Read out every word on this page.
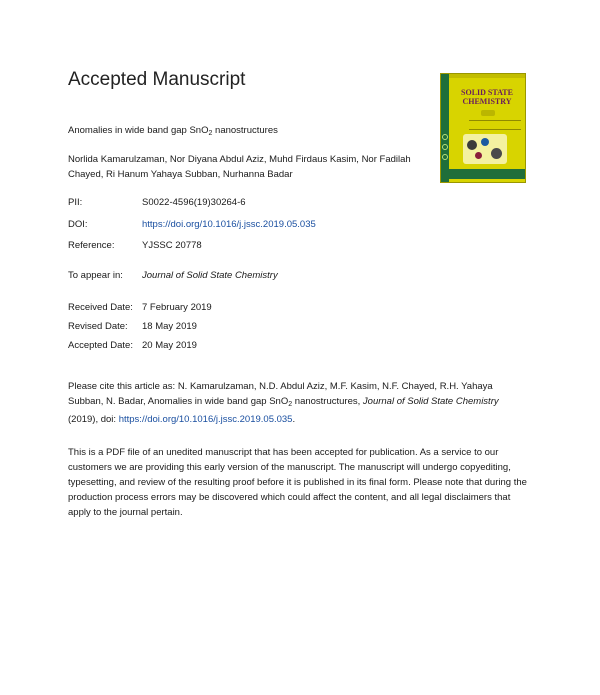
Accepted Manuscript
SOLID STATE
CHEMISTRY
Anomalies in wide band gap SnO$_2$ nanostructures
Norlida Kamarulzaman, Nor Diyana Abdul Aziz, Muhd Firdaus Kasim, Nor Fadilah Chayed, Ri Hanum Yahaya Subban, Nurhanna Badar
PII:	S0022-4596(19)30264-6
DOI:	https://doi.org/10.1016/j.jssc.2019.05.035
Reference:	YJSSC 20778
To appear in: Journal of Solid State Chemistry
Received Date: 7 February 2019
Revised Date: 18 May 2019
Accepted Date: 20 May 2019
Please cite this article as: N. Kamarulzaman, N.D. Abdul Aziz, M.F. Kasim, N.F. Chayed, R.H. Yahaya Subban, N. Badar, Anomalies in wide band gap SnO$_2$ nanostructures, Journal of Solid State Chemistry (2019), doi: https://doi.org/10.1016/j.jssc.2019.05.035.
This is a PDF file of an unedited manuscript that has been accepted for publication. As a service to our customers we are providing this early version of the manuscript. The manuscript will undergo copyediting, typesetting, and review of the resulting proof before it is published in its final form. Please note that during the production process errors may be discovered which could affect the content, and all legal disclaimers that apply to the journal pertain.
